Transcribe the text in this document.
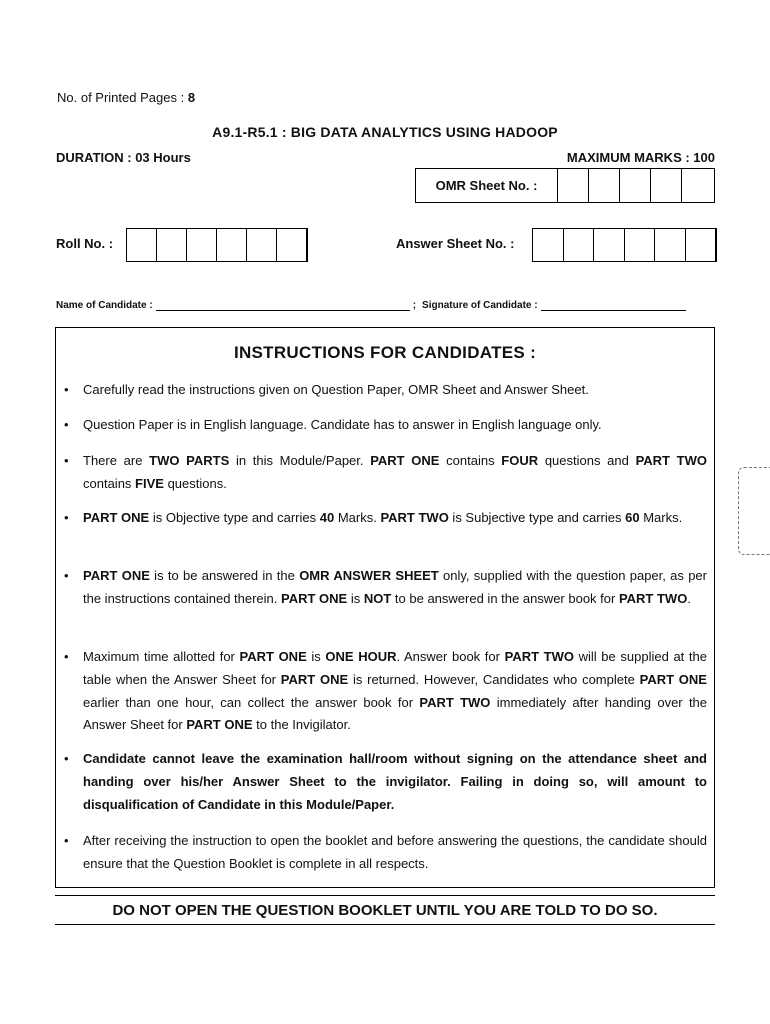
No. of Printed Pages : 8
A9.1-R5.1 : BIG DATA ANALYTICS USING HADOOP
DURATION : 03 Hours	MAXIMUM MARKS : 100
OMR Sheet No. :
Roll No. :	Answer Sheet No. :
Name of Candidate :	; Signature of Candidate :
INSTRUCTIONS FOR CANDIDATES :
• Carefully read the instructions given on Question Paper, OMR Sheet and Answer Sheet.
• Question Paper is in English language. Candidate has to answer in English language only.
• There are TWO PARTS in this Module/Paper. PART ONE contains FOUR questions and PART TWO contains FIVE questions.
• PART ONE is Objective type and carries 40 Marks. PART TWO is Subjective type and carries 60 Marks.
• PART ONE is to be answered in the OMR ANSWER SHEET only, supplied with the question paper, as per the instructions contained therein. PART ONE is NOT to be answered in the answer book for PART TWO.
• Maximum time allotted for PART ONE is ONE HOUR. Answer book for PART TWO will be supplied at the table when the Answer Sheet for PART ONE is returned. However, Candidates who complete PART ONE earlier than one hour, can collect the answer book for PART TWO immediately after handing over the Answer Sheet for PART ONE to the Invigilator.
• Candidate cannot leave the examination hall/room without signing on the attendance sheet and handing over his/her Answer Sheet to the invigilator. Failing in doing so, will amount to disqualification of Candidate in this Module/Paper.
• After receiving the instruction to open the booklet and before answering the questions, the candidate should ensure that the Question Booklet is complete in all respects.
DO NOT OPEN THE QUESTION BOOKLET UNTIL YOU ARE TOLD TO DO SO.
